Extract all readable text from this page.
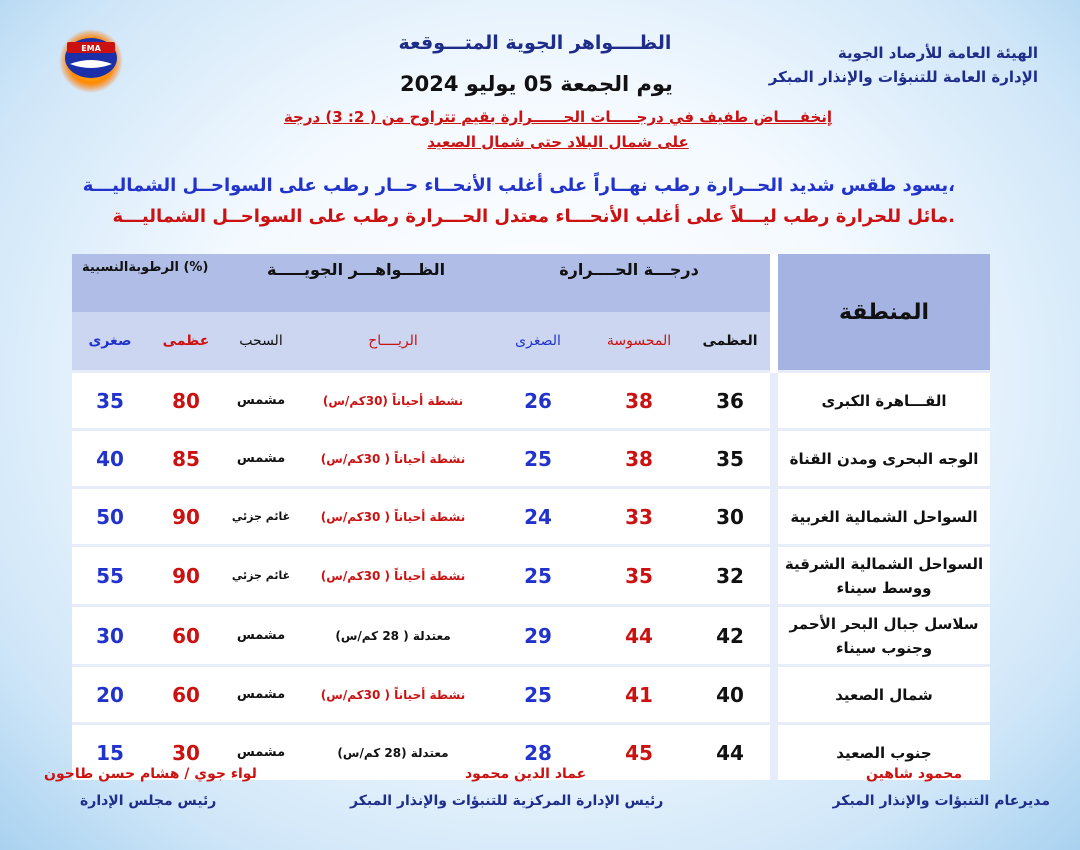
EMA	الهيئة العامة للأرصاد الجوية
الإدارة العامة للتنبؤات والإنذار المبكر
الظــــواهر الجوية المتـــوقعة
يوم الجمعة 05 يوليو 2024
إنخفــــاض طفيف في درجـــــات الحــــــرارة بقيم تتراوح من ( 2: 3) درجة
على شمال البلاد حتى شمال الصعيد
يسود طقس شديد الحــرارة رطب نهــاراً على أغلب الأنحــاء حــار رطب على السواحــل الشماليـــة،
مائل للحرارة رطب ليـــلاً على أغلب الأنحـــاء معتدل الحـــرارة رطب على السواحــل الشماليـــة.
الرطوبةالنسبية (%)		الظـــواهـــر الجويـــــة		درجـــة الحــــرارة			المنطقة
صغرى	عظمى	السحب	الريــــاح	الصغرى	المحسوسة	العظمى	
35	80	مشمس	نشطة أحياناً (30كم/س)	26	38	36	القـــاهرة الكبرى
40	85	مشمس	نشطة أحياناً ( 30كم/س)	25	38	35	الوجه البحرى ومدن القناة
50	90	غائم جزئي	نشطة أحياناً ( 30كم/س)	24	33	30	السواحل الشمالية الغربية
55	90	غائم جزئي	نشطة أحياناً ( 30كم/س)	25	35	32	السواحل الشمالية الشرقية ووسط سيناء
30	60	مشمس	معتدلة ( 28 كم/س)	29	44	42	سلاسل جبال البحر الأحمر وجنوب سيناء
20	60	مشمس	نشطة أحياناً ( 30كم/س)	25	41	40	شمال الصعيد
15	30	مشمس	معتدلة (28 كم/س)	28	45	44	جنوب الصعيد
لواء جوي / هشام حسن طاحون
رئيس مجلس الإدارة
عماد الدين محمود
رئيس الإدارة المركزية للتنبؤات والإنذار المبكر
محمود شاهين
مديرعام التنبؤات والإنذار المبكر
